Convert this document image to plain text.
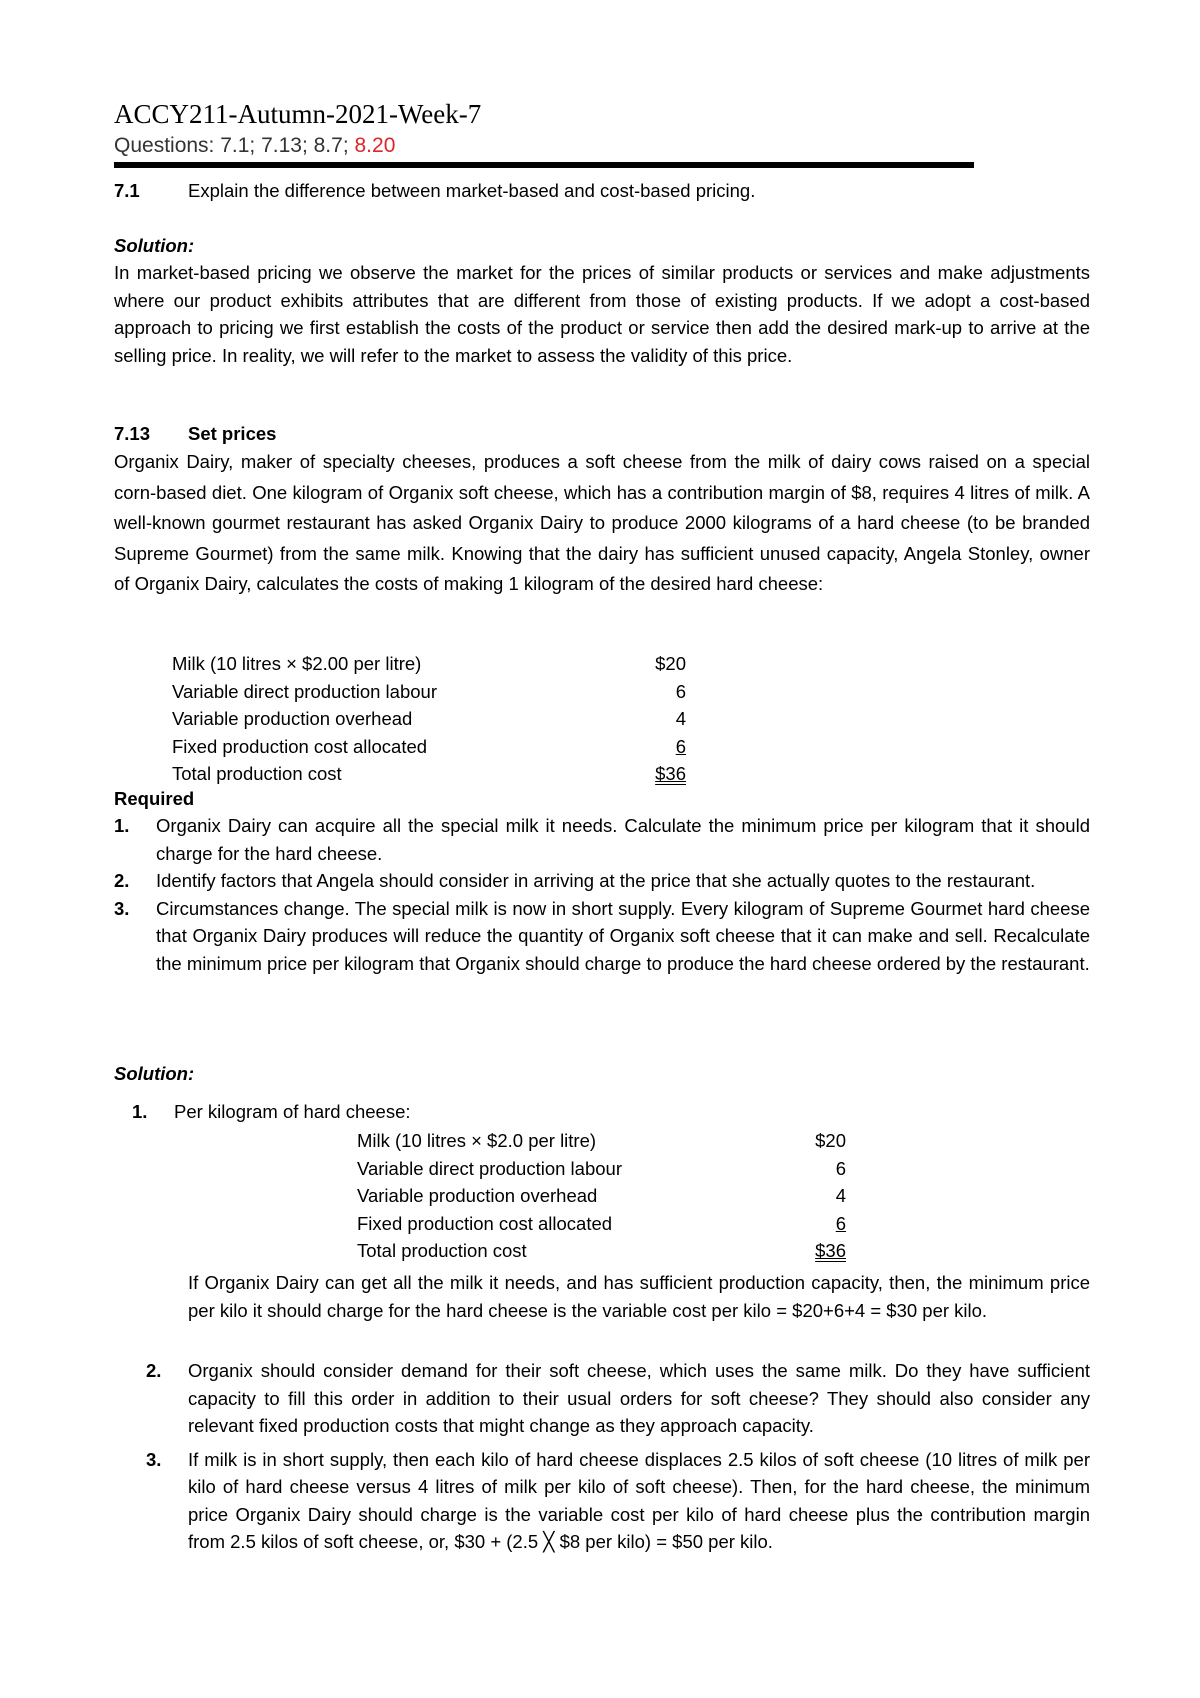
ACCY211-Autumn-2021-Week-7
Questions: 7.1; 7.13; 8.7; 8.20
7.1	Explain the difference between market-based and cost-based pricing.
Solution:

In market-based pricing we observe the market for the prices of similar products or services and make adjustments where our product exhibits attributes that are different from those of existing products. If we adopt a cost-based approach to pricing we first establish the costs of the product or service then add the desired mark-up to arrive at the selling price. In reality, we will refer to the market to assess the validity of this price.

7.13 Set prices

Organix Dairy, maker of specialty cheeses, produces a soft cheese from the milk of dairy cows raised on a special corn-based diet. One kilogram of Organix soft cheese, which has a contribution margin of $8, requires 4 litres of milk. A well-known gourmet restaurant has asked Organix Dairy to produce 2000 kilograms of a hard cheese (to be branded Supreme Gourmet) from the same milk. Knowing that the dairy has sufficient unused capacity, Angela Stonley, owner of Organix Dairy, calculates the costs of making 1 kilogram of the desired hard cheese:

Milk (10 litres × $2.00 per litre)	$20
Variable direct production labour	6
Variable production overhead	4
Fixed production cost allocated	6
Total production cost	$36
Required
1. Organix Dairy can acquire all the special milk it needs. Calculate the minimum price per kilogram that it should charge for the hard cheese.
2. Identify factors that Angela should consider in arriving at the price that she actually quotes to the restaurant.
3. Circumstances change. The special milk is now in short supply. Every kilogram of Supreme Gourmet hard cheese that Organix Dairy produces will reduce the quantity of Organix soft cheese that it can make and sell. Recalculate the minimum price per kilogram that Organix should charge to produce the hard cheese ordered by the restaurant.
Solution:
1. Per kilogram of hard cheese:
Milk (10 litres × $2.0 per litre)	$20
Variable direct production labour	6
Variable production overhead	4
Fixed production cost allocated	6
Total production cost	$36

If Organix Dairy can get all the milk it needs, and has sufficient production capacity, then, the minimum price per kilo it should charge for the hard cheese is the variable cost per kilo = $20+6+4 = $30 per kilo.

2. Organix should consider demand for their soft cheese, which uses the same milk. Do they have sufficient capacity to fill this order in addition to their usual orders for soft cheese? They should also consider any relevant fixed production costs that might change as they approach capacity.
3. If milk is in short supply, then each kilo of hard cheese displaces 2.5 kilos of soft cheese (10 litres of milk per kilo of hard cheese versus 4 litres of milk per kilo of soft cheese). Then, for the hard cheese, the minimum price Organix Dairy should charge is the variable cost per kilo of hard cheese plus the contribution margin from 2.5 kilos of soft cheese, or, $30 + (2.5 ╳ $8 per kilo) = $50 per kilo.
